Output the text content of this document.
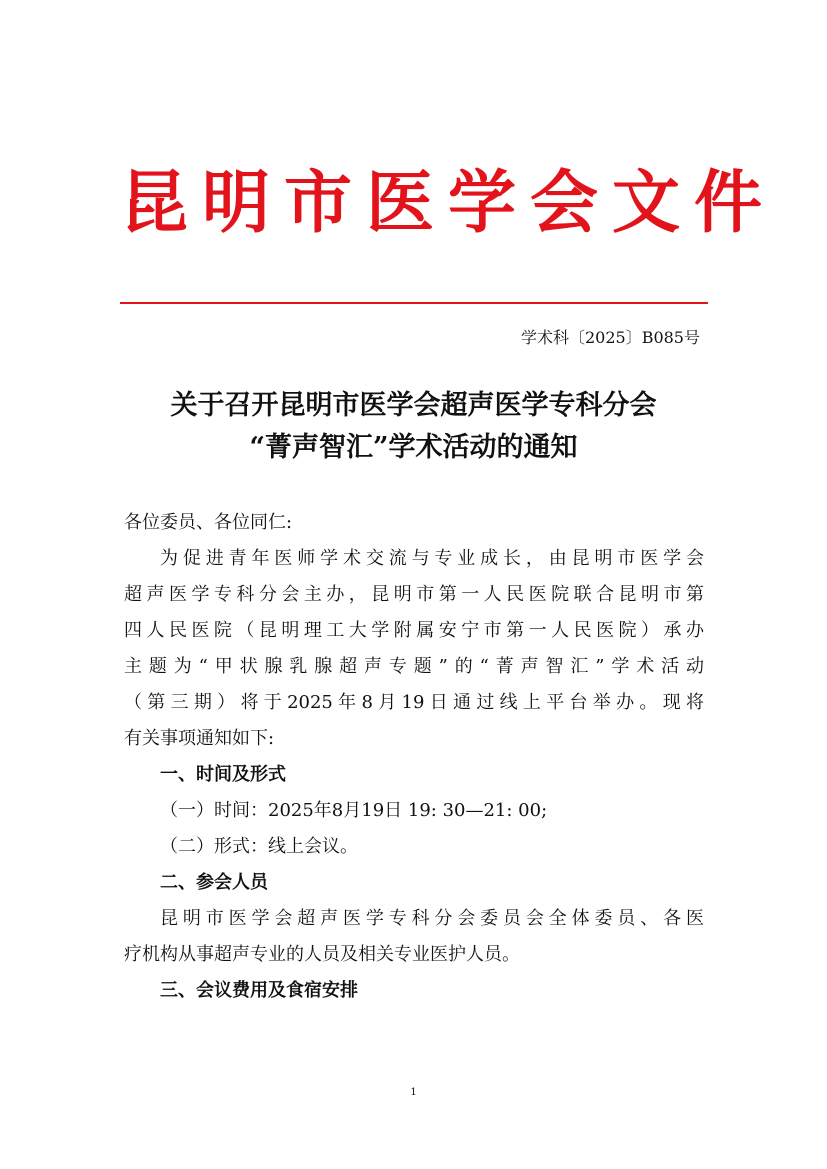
昆明市医学会文件
学术科〔2025〕B085号
关于召开昆明市医学会超声医学专科分会
“菁声智汇”学术活动的通知

各位委员、各位同仁:

为促进青年医师学术交流与专业成长，由昆明市医学会

超声医学专科分会主办，昆明市第一人民医院联合昆明市第

四人民医院（昆明理工大学附属安宁市第一人民医院）承办

主题为“甲状腺乳腺超声专题”的“菁声智汇”学术活动

（第三期）将于2025年8月19日通过线上平台举办。现将

有关事项通知如下:

一、时间及形式

（一）时间：2025年8月19日 19: 30—21: 00;

（二）形式：线上会议。

二、参会人员

昆明市医学会超声医学专科分会委员会全体委员、各医

疗机构从事超声专业的人员及相关专业医护人员。

三、会议费用及食宿安排

1
